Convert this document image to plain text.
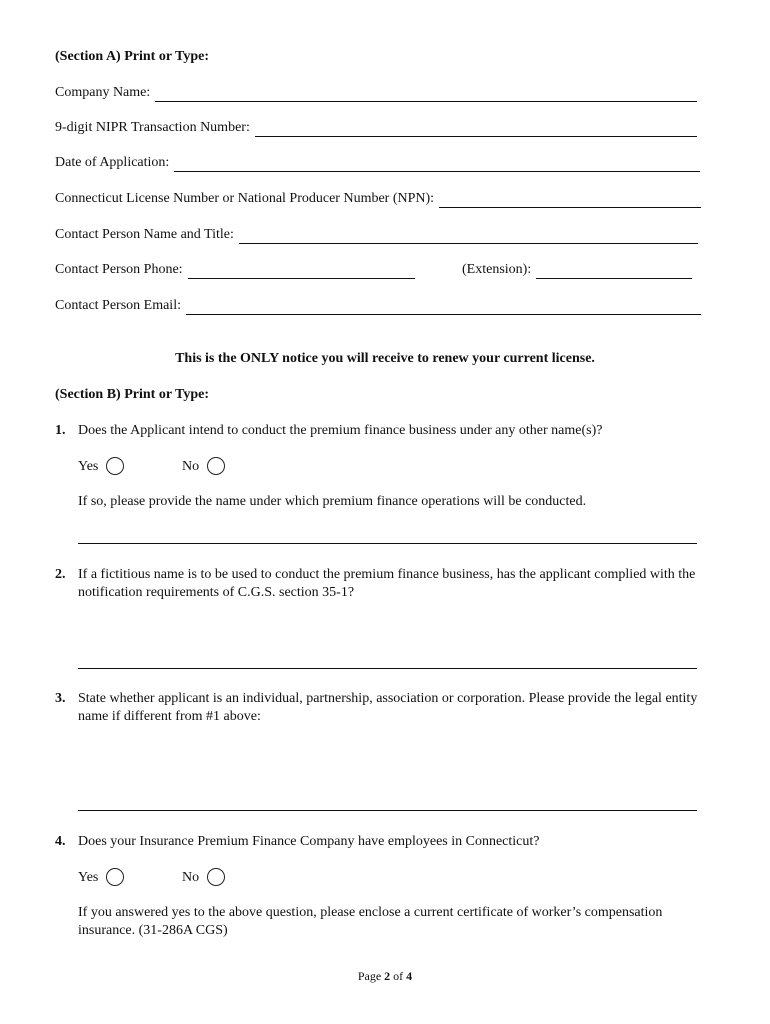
(Section A) Print or Type:
Company Name:
9-digit NIPR Transaction Number:
Date of Application:
Connecticut License Number or National Producer Number (NPN):
Contact Person Name and Title:
Contact Person Phone:	(Extension):
Contact Person Email:
This is the ONLY notice you will receive to renew your current license.
(Section B) Print or Type:
1. Does the Applicant intend to conduct the premium finance business under any other name(s)?
Yes	No
If so, please provide the name under which premium finance operations will be conducted.
2. If a fictitious name is to be used to conduct the premium finance business, has the applicant complied with the notification requirements of C.G.S. section 35-1?
3. State whether applicant is an individual, partnership, association or corporation. Please provide the legal entity name if different from #1 above:
4. Does your Insurance Premium Finance Company have employees in Connecticut?
Yes	No
If you answered yes to the above question, please enclose a current certificate of worker’s compensation insurance. (31-286A CGS)
Page 2 of 4
